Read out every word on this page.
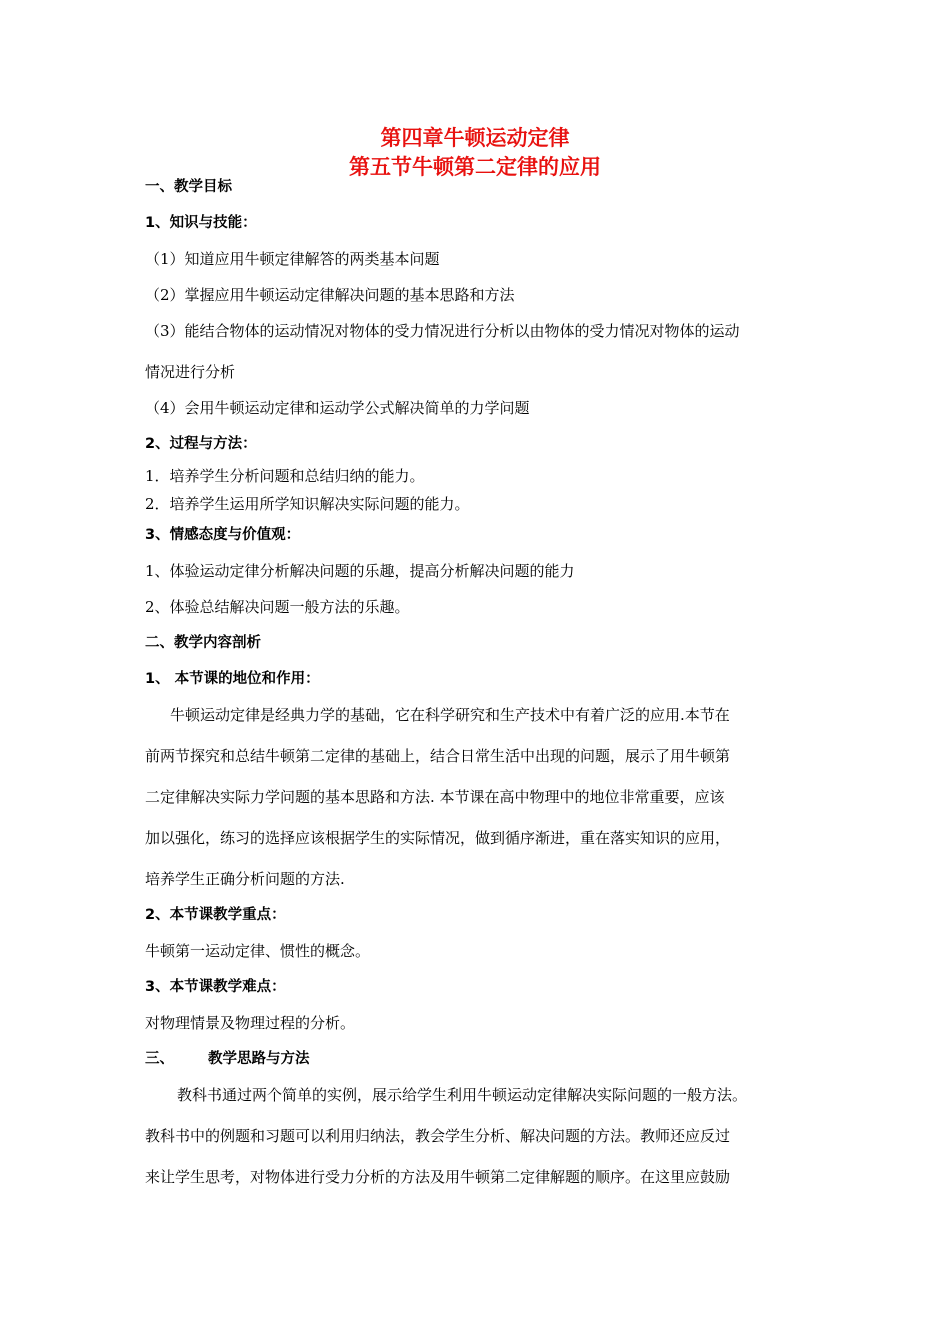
第四章牛顿运动定律
第五节牛顿第二定律的应用
一、教学目标
1、知识与技能：
（1）知道应用牛顿定律解答的两类基本问题
（2）掌握应用牛顿运动定律解决问题的基本思路和方法
（3）能结合物体的运动情况对物体的受力情况进行分析以由物体的受力情况对物体的运动
情况进行分析
（4）会用牛顿运动定律和运动学公式解决简单的力学问题
2、过程与方法：
1．培养学生分析问题和总结归纳的能力。
2．培养学生运用所学知识解决实际问题的能力。
3、情感态度与价值观：
1、体验运动定律分析解决问题的乐趣，提高分析解决问题的能力
2、体验总结解决问题一般方法的乐趣。
二、教学内容剖析
1、 本节课的地位和作用：
牛顿运动定律是经典力学的基础，它在科学研究和生产技术中有着广泛的应用.本节在
前两节探究和总结牛顿第二定律的基础上，结合日常生活中出现的问题，展示了用牛顿第
二定律解决实际力学问题的基本思路和方法. 本节课在高中物理中的地位非常重要，应该
加以强化，练习的选择应该根据学生的实际情况，做到循序渐进，重在落实知识的应用，
培养学生正确分析问题的方法.
2、本节课教学重点：
牛顿第一运动定律、惯性的概念。
3、本节课教学难点：
对物理情景及物理过程的分析。
三、 教学思路与方法
教科书通过两个简单的实例，展示给学生利用牛顿运动定律解决实际问题的一般方法。
教科书中的例题和习题可以利用归纳法，教会学生分析、解决问题的方法。教师还应反过
来让学生思考，对物体进行受力分析的方法及用牛顿第二定律解题的顺序。在这里应鼓励
